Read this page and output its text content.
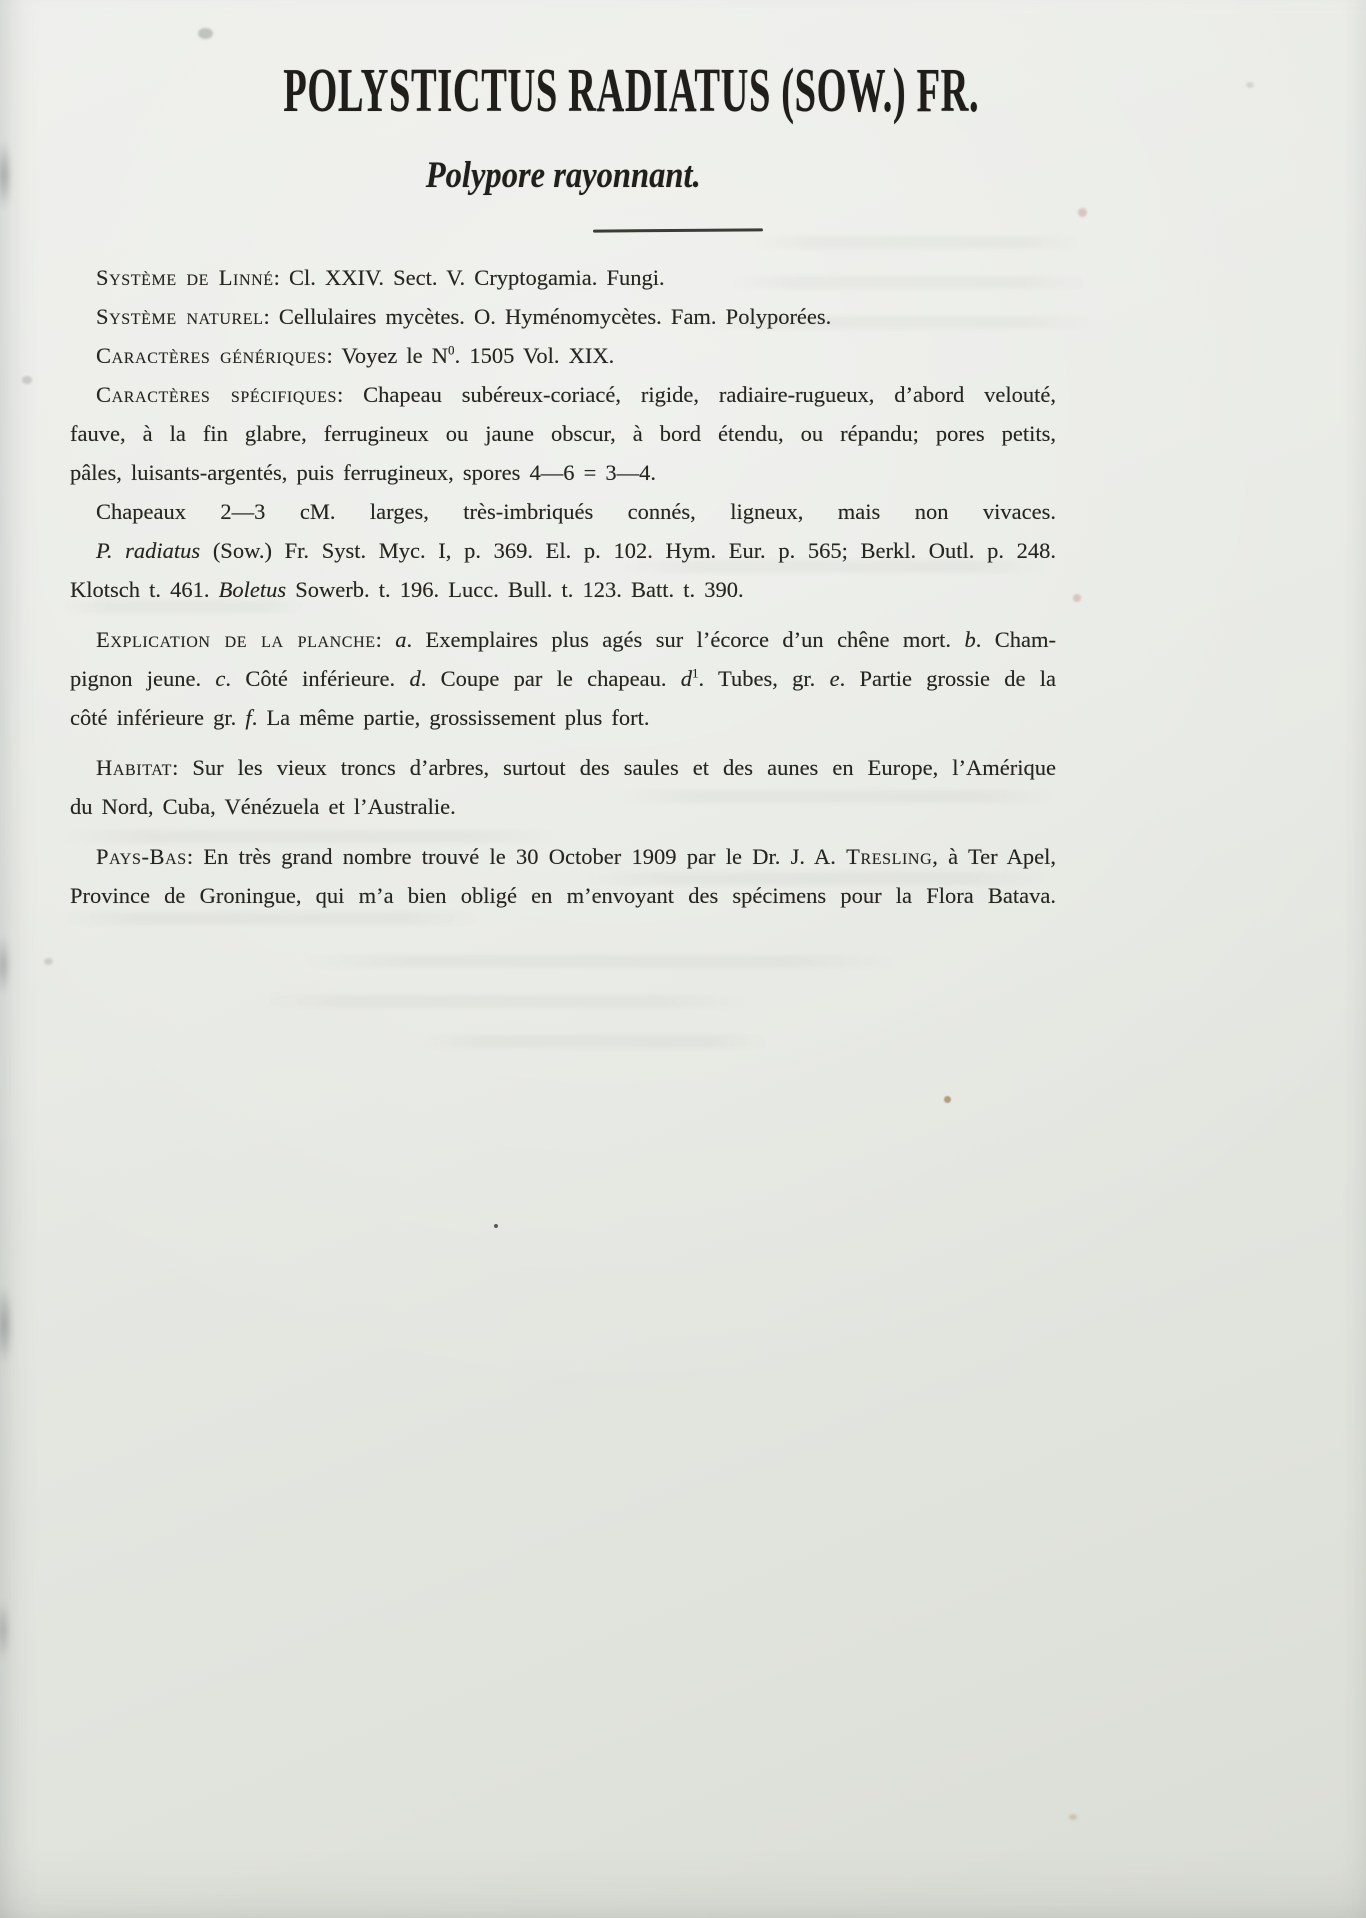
POLYSTICTUS RADIATUS (SOW.) FR.
Polypore rayonnant.
Système de Linné: Cl. XXIV. Sect. V. Cryptogamia. Fungi.
Système naturel: Cellulaires mycètes. O. Hyménomycètes. Fam. Polyporées.
Caractères génériques: Voyez le $N^0$. 1505 Vol. XIX.
Caractères spécifiques: Chapeau subéreux-coriacé, rigide, radiaire-rugueux, d’abord velouté,
fauve, à la fin glabre, ferrugineux ou jaune obscur, à bord étendu, ou répandu; pores petits,
pâles, luisants-argentés, puis ferrugineux, spores 4—6 = 3—4.
Chapeaux 2—3 cM. larges, très-imbriqués connés, ligneux, mais non vivaces.
P. radiatus (Sow.) Fr. Syst. Myc. I, p. 369. El. p. 102. Hym. Eur. p. 565; Berkl. Outl. p. 248.
Klotsch t. 461. Boletus Sowerb. t. 196. Lucc. Bull. t. 123. Batt. t. 390.
Explication de la planche: a. Exemplaires plus agés sur l’écorce d’un chêne mort. b. Cham-
pignon jeune. c. Côté inférieure. d. Coupe par le chapeau. $d^1$. Tubes, gr. e. Partie grossie de la
côté inférieure gr. f. La même partie, grossissement plus fort.
Habitat: Sur les vieux troncs d’arbres, surtout des saules et des aunes en Europe, l’Amérique
du Nord, Cuba, Vénézuela et l’Australie.
Pays-Bas: En très grand nombre trouvé le 30 October 1909 par le Dr. J. A. Tresling, à Ter Apel,
Province de Groningue, qui m’a bien obligé en m’envoyant des spécimens pour la Flora Batava.
